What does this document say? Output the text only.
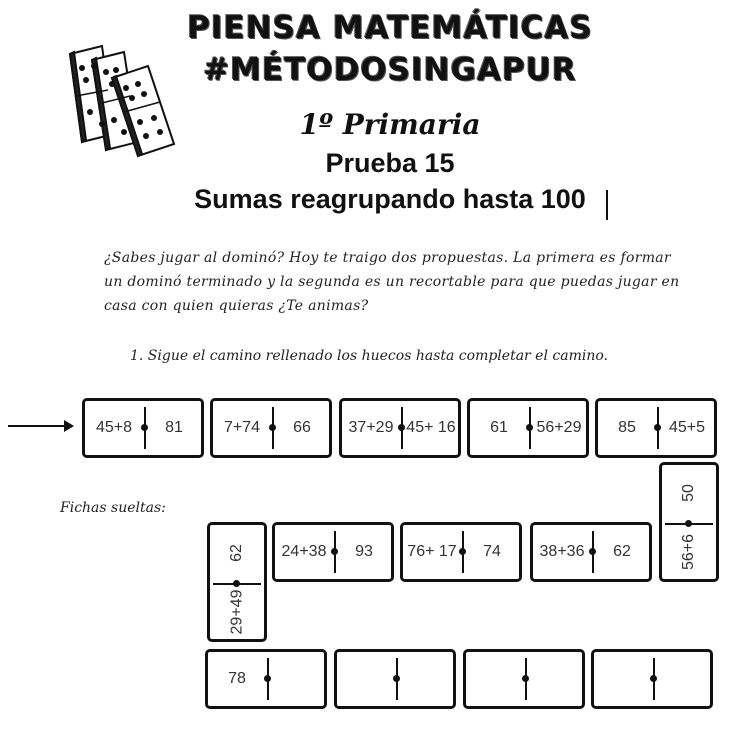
PIENSA MATEMÁTICAS
#MÉTODOSINGAPUR
1º Primaria
Prueba 15
Sumas reagrupando hasta 100
¿Sabes jugar al dominó? Hoy te traigo dos propuestas. La primera es formar un dominó terminado y la segunda es un recortable para que puedas jugar en casa con quien quieras ¿Te animas?
1. Sigue el camino rellenado los huecos hasta completar el camino.
Fichas sueltas:
45+8	81	7+74	66	37+29 45+ 16	61	56+29	85	45+5
50
56+6
24+38	93	76+ 17	74	38+36	62
62
29+49
78
